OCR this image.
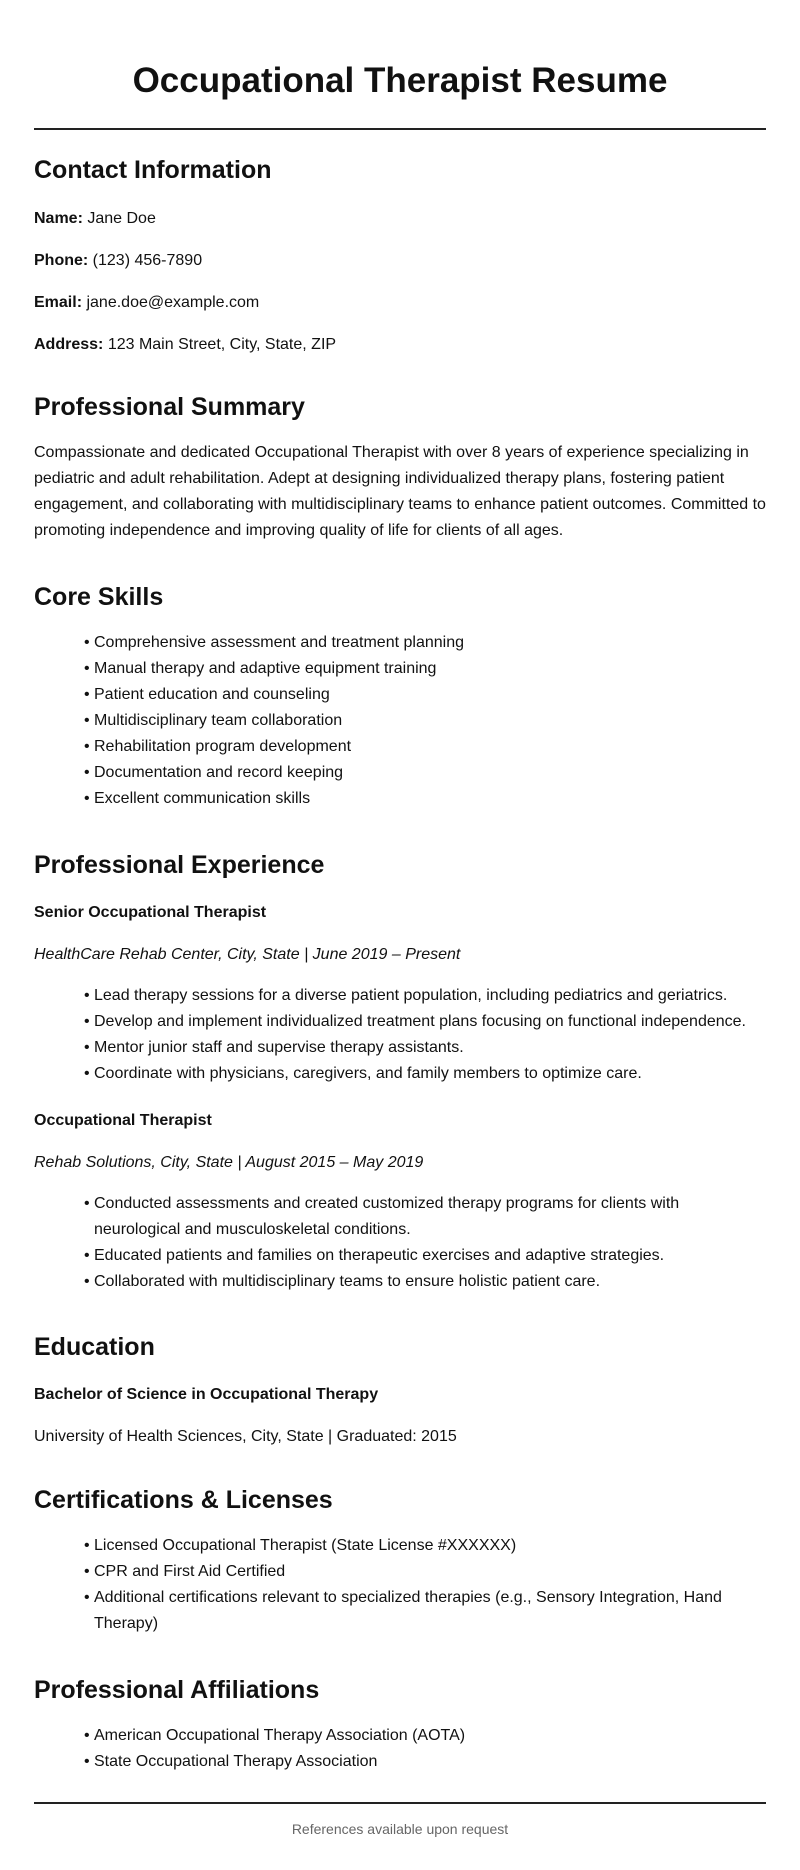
Occupational Therapist Resume
Contact Information

Name: Jane Doe

Phone: (123) 456-7890

Email: jane.doe@example.com

Address: 123 Main Street, City, State, ZIP

Professional Summary

Compassionate and dedicated Occupational Therapist with over 8 years of experience specializing in pediatric and adult rehabilitation. Adept at designing individualized therapy plans, fostering patient engagement, and collaborating with multidisciplinary teams to enhance patient outcomes. Committed to promoting independence and improving quality of life for clients of all ages.

Core Skills
• Comprehensive assessment and treatment planning
• Manual therapy and adaptive equipment training
• Patient education and counseling
• Multidisciplinary team collaboration
• Rehabilitation program development
• Documentation and record keeping
• Excellent communication skills
Professional Experience
Senior Occupational Therapist

HealthCare Rehab Center, City, State | June 2019 – Present

• Lead therapy sessions for a diverse patient population, including pediatrics and geriatrics.
• Develop and implement individualized treatment plans focusing on functional independence.
• Mentor junior staff and supervise therapy assistants.
• Coordinate with physicians, caregivers, and family members to optimize care.
Occupational Therapist

Rehab Solutions, City, State | August 2015 – May 2019

• Conducted assessments and created customized therapy programs for clients with neurological and musculoskeletal conditions.
• Educated patients and families on therapeutic exercises and adaptive strategies.
• Collaborated with multidisciplinary teams to ensure holistic patient care.
Education
Bachelor of Science in Occupational Therapy

University of Health Sciences, City, State | Graduated: 2015

Certifications & Licenses
• Licensed Occupational Therapist (State License #XXXXXX)
• CPR and First Aid Certified
• Additional certifications relevant to specialized therapies (e.g., Sensory Integration, Hand Therapy)
Professional Affiliations
• American Occupational Therapy Association (AOTA)
• State Occupational Therapy Association

References available upon request
